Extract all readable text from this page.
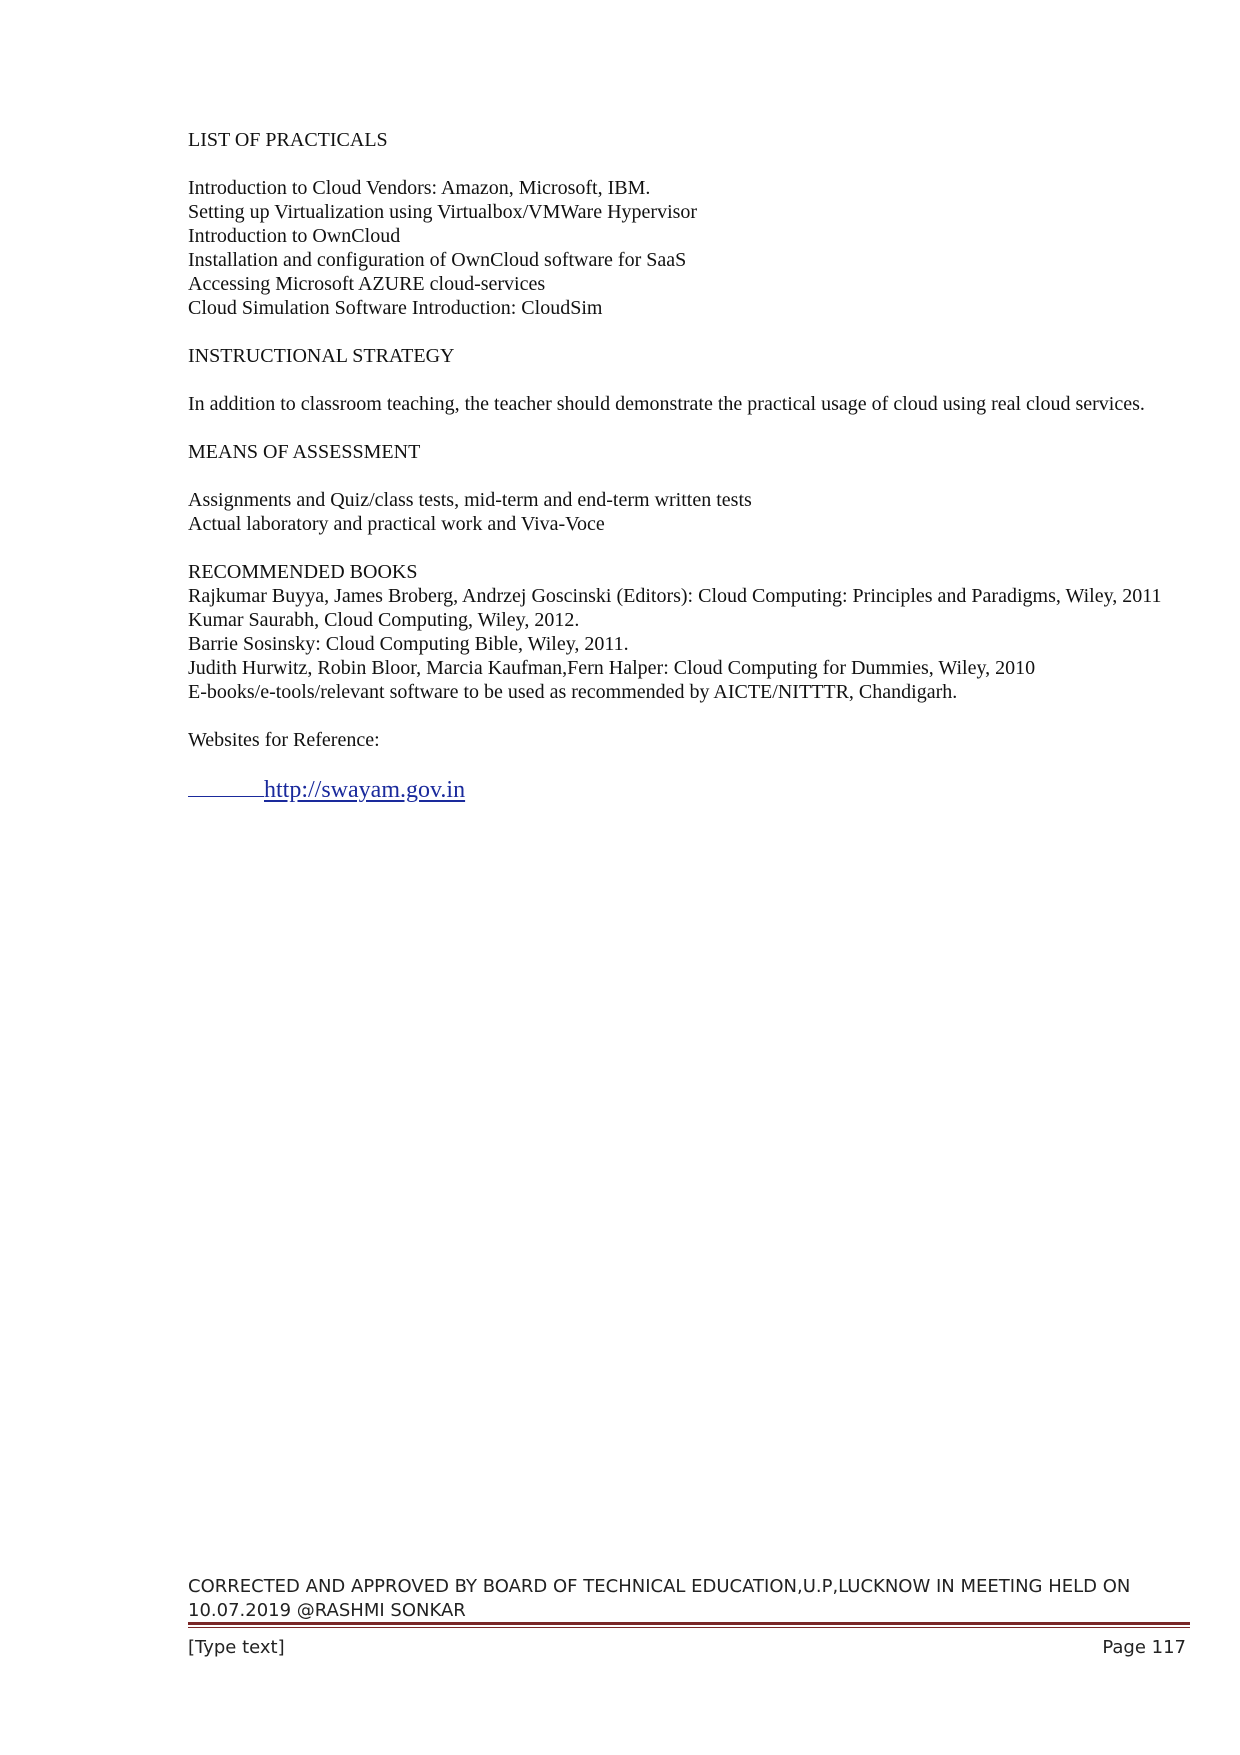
LIST OF PRACTICALS

Introduction to Cloud Vendors: Amazon, Microsoft, IBM.

Setting up Virtualization using Virtualbox/VMWare Hypervisor

Introduction to OwnCloud

Installation and configuration of OwnCloud software for SaaS

Accessing Microsoft AZURE cloud-services

Cloud Simulation Software Introduction: CloudSim

INSTRUCTIONAL STRATEGY

In addition to classroom teaching, the teacher should demonstrate the practical usage of cloud using real cloud services.

MEANS OF ASSESSMENT

Assignments and Quiz/class tests, mid-term and end-term written tests

Actual laboratory and practical work and Viva-Voce

RECOMMENDED BOOKS

Rajkumar Buyya, James Broberg, Andrzej Goscinski (Editors): Cloud Computing: Principles and Paradigms, Wiley, 2011

Kumar Saurabh, Cloud Computing, Wiley, 2012.

Barrie Sosinsky: Cloud Computing Bible, Wiley, 2011.

Judith Hurwitz, Robin Bloor, Marcia Kaufman,Fern Halper: Cloud Computing for Dummies, Wiley, 2010

E-books/e-tools/relevant software to be used as recommended by AICTE/NITTTR, Chandigarh.

Websites for Reference:

http://swayam.gov.in

CORRECTED AND APPROVED BY BOARD OF TECHNICAL EDUCATION,U.P,LUCKNOW IN MEETING HELD ON 10.07.2019 @RASHMI SONKAR
[Type text]	Page 117
